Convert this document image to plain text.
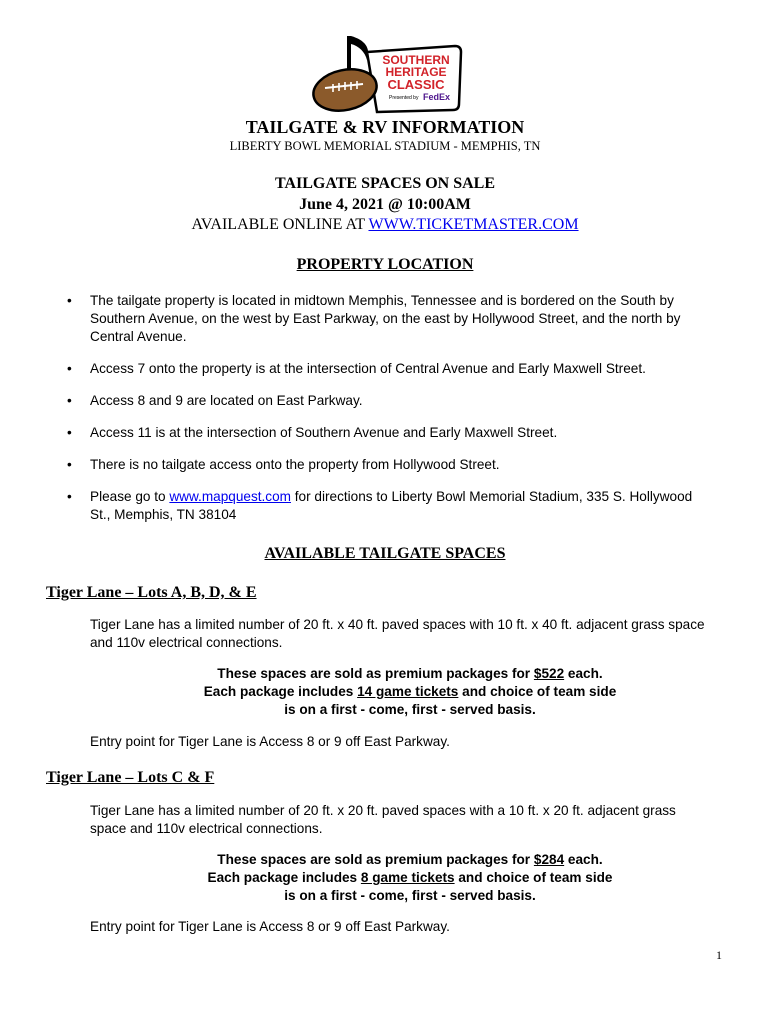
SOUTHERN
HERITAGE
CLASSIC
Presented by FedEx
TAILGATE & RV INFORMATION
LIBERTY BOWL MEMORIAL STADIUM - MEMPHIS, TN
TAILGATE SPACES ON SALE
June 4, 2021 @ 10:00AM
AVAILABLE ONLINE AT WWW.TICKETMASTER.COM
PROPERTY LOCATION
• The tailgate property is located in midtown Memphis, Tennessee and is bordered on the South by Southern Avenue, on the west by East Parkway, on the east by Hollywood Street, and the north by Central Avenue.
• Access 7 onto the property is at the intersection of Central Avenue and Early Maxwell Street.
• Access 8 and 9 are located on East Parkway.
• Access 11 is at the intersection of Southern Avenue and Early Maxwell Street.
• There is no tailgate access onto the property from Hollywood Street.
• Please go to www.mapquest.com for directions to Liberty Bowl Memorial Stadium, 335 S. Hollywood St., Memphis, TN 38104
AVAILABLE TAILGATE SPACES
Tiger Lane – Lots A, B, D, & E
Tiger Lane has a limited number of 20 ft. x 40 ft. paved spaces with 10 ft. x 40 ft. adjacent grass space and 110v electrical connections.
These spaces are sold as premium packages for $522 each.
Each package includes 14 game tickets and choice of team side
is on a first - come, first - served basis.
Entry point for Tiger Lane is Access 8 or 9 off East Parkway.
Tiger Lane – Lots C & F
Tiger Lane has a limited number of 20 ft. x 20 ft. paved spaces with a 10 ft. x 20 ft. adjacent grass space and 110v electrical connections.
These spaces are sold as premium packages for $284 each.
Each package includes 8 game tickets and choice of team side
is on a first - come, first - served basis.
Entry point for Tiger Lane is Access 8 or 9 off East Parkway.
1
